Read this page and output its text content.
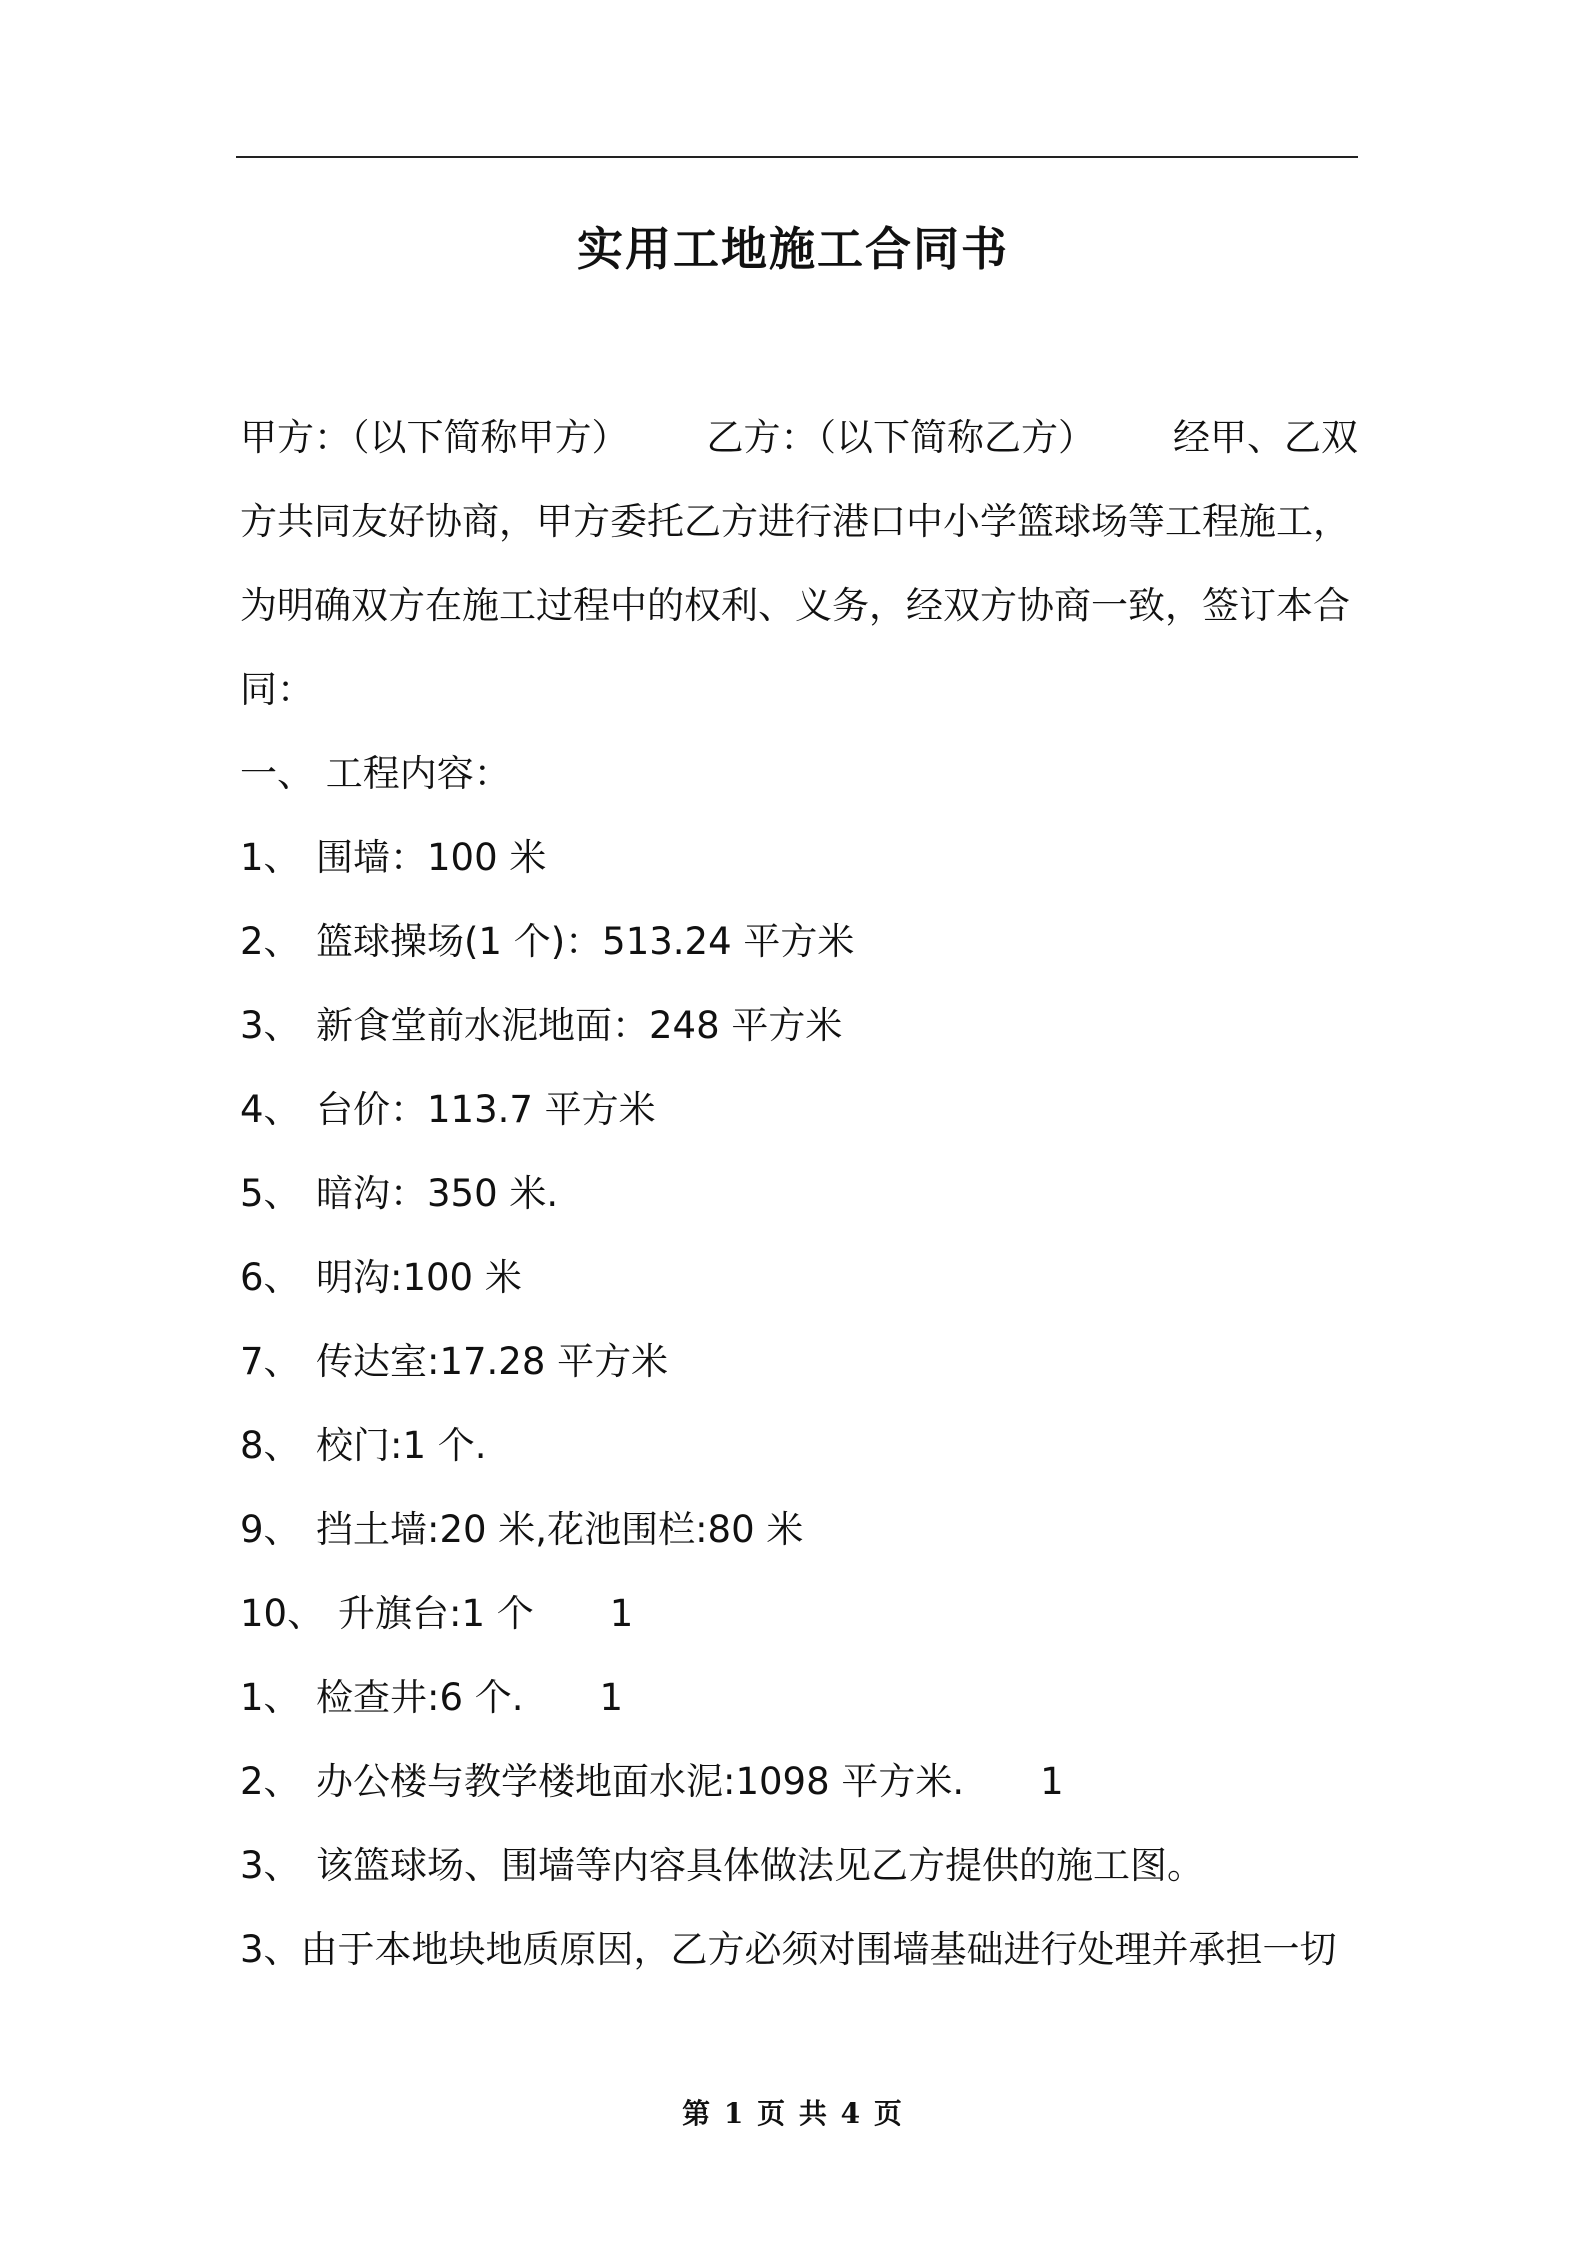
实用工地施工合同书
甲方：（以下简称甲方） 乙方：（以下简称乙方） 经甲、乙双
方共同友好协商，甲方委托乙方进行港口中小学篮球场等工程施工，
为明确双方在施工过程中的权利、义务，经双方协商一致，签订本合
同：
一、 工程内容：
1、 围墙：100 米
2、 篮球操场(1 个)：513.24 平方米
3、 新食堂前水泥地面：248 平方米
4、 台价：113.7 平方米
5、 暗沟：350 米.
6、 明沟:100 米
7、 传达室:17.28 平方米
8、 校门:1 个.
9、 挡土墙:20 米,花池围栏:80 米
10、 升旗台:1 个 1
1、 检查井:6 个. 1
2、 办公楼与教学楼地面水泥:1098 平方米. 1
3、 该篮球场、围墙等内容具体做法见乙方提供的施工图。
3、由于本地块地质原因，乙方必须对围墙基础进行处理并承担一切
第 1 页 共 4 页
